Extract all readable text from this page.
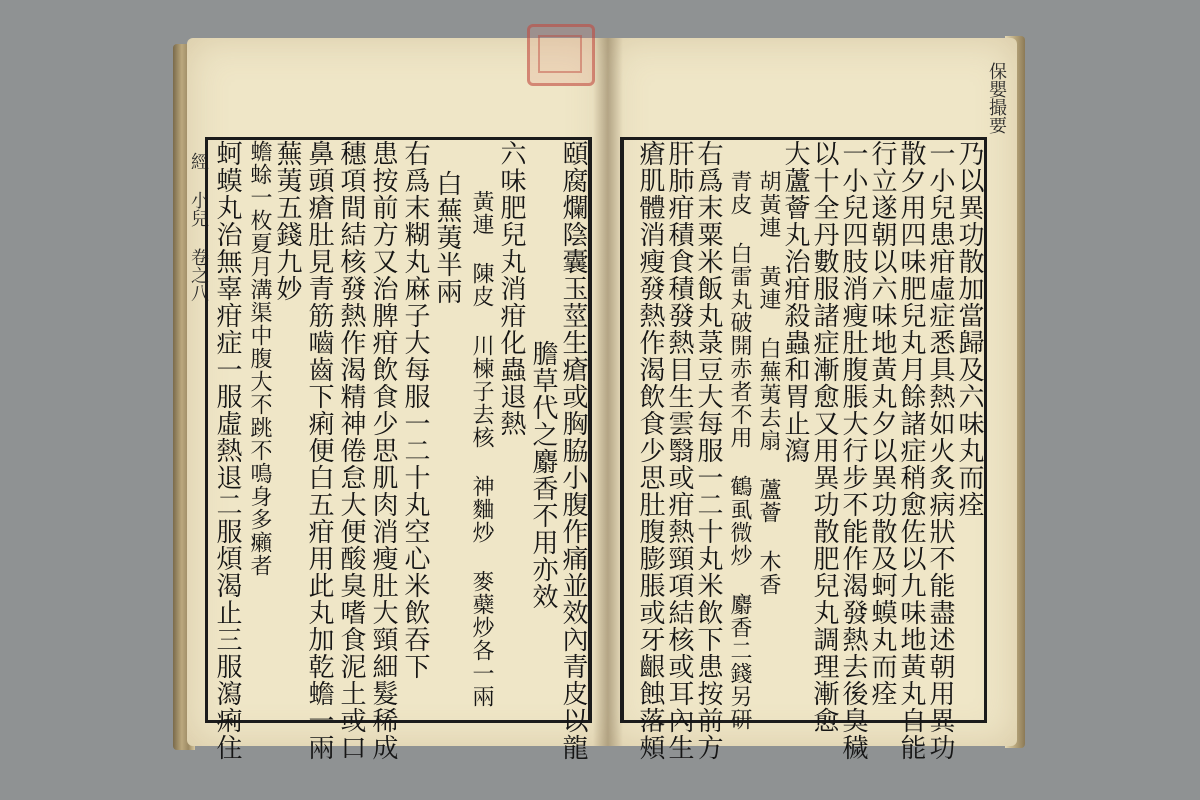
經 小兒 卷之八
保嬰撮要
蚵蟆丸治無辜疳症一服虛熱退二服煩渴止三服瀉痢住 蟾蜍一枚夏月溝渠中腹大不跳不鳴身多癩者 蕪荑五錢九妙 鼻頭瘡肚見青筋嚙齒下痢便白五疳用此丸加乾蟾一兩 穗項間結核發熱作渴精神倦怠大便酸臭嗜食泥土或口 患按前方又治脾疳飲食少思肌肉消瘦肚大頸細髮稀成 右爲末糊丸麻子大每服一二十丸空心米飲吞下 白蕪荑半兩 黃連 陳皮 川楝子去核 神麯炒 麥蘗炒各一兩 六味肥兒丸消疳化蟲退熱
膽草代之麝香不用亦效 頤腐爛陰囊玉莖生瘡或胸脇小腹作痛並效內青皮以龍	乃以異功散加當歸及六味丸而痊
一小兒患疳虛症悉具熱如火炙病狀不能盡述朝用異功
散夕用四味肥兒丸月餘諸症稍愈佐以九味地黃丸自能
行立遂朝以六味地黃丸夕以異功散及蚵蟆丸而痊
一小兒四肢消瘦肚腹脹大行步不能作渴發熱去後臭穢
以十全丹數服諸症漸愈又用異功散肥兒丸調理漸愈
大蘆薈丸治疳殺蟲和胃止瀉
胡黃連 黃連 白蕪荑去扇 蘆薈 木香
青皮 白雷丸破開赤者不用 鶴虱微炒 麝香二錢另研
右爲末粟米飯丸菉豆大每服一二十丸米飲下患按前方
肝肺疳積食積發熱目生雲翳或疳熱頸項結核或耳內生
瘡肌體消瘦發熱作渴飲食少思肚腹膨脹或牙齦蝕落頰
